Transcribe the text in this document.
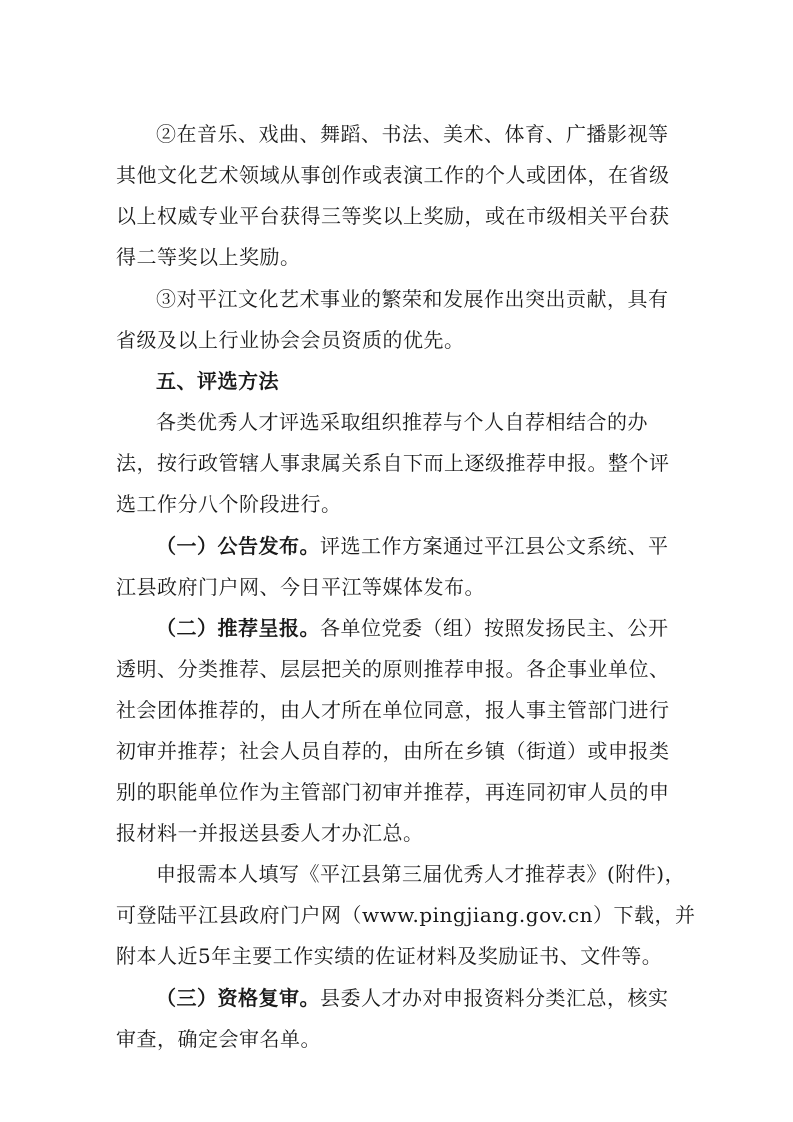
②在音乐、戏曲、舞蹈、书法、美术、体育、广播影视等
其他文化艺术领域从事创作或表演工作的个人或团体，在省级
以上权威专业平台获得三等奖以上奖励，或在市级相关平台获
得二等奖以上奖励。
③对平江文化艺术事业的繁荣和发展作出突出贡献，具有
省级及以上行业协会会员资质的优先。
五、评选方法
各类优秀人才评选采取组织推荐与个人自荐相结合的办
法，按行政管辖人事隶属关系自下而上逐级推荐申报。整个评
选工作分八个阶段进行。
（一）公告发布。评选工作方案通过平江县公文系统、平
江县政府门户网、今日平江等媒体发布。
（二）推荐呈报。各单位党委（组）按照发扬民主、公开
透明、分类推荐、层层把关的原则推荐申报。各企事业单位、
社会团体推荐的，由人才所在单位同意，报人事主管部门进行
初审并推荐；社会人员自荐的，由所在乡镇（街道）或申报类
别的职能单位作为主管部门初审并推荐，再连同初审人员的申
报材料一并报送县委人才办汇总。
申报需本人填写《平江县第三届优秀人才推荐表》(附件)，
可登陆平江县政府门户网（www.pingjiang.gov.cn）下载，并
附本人近5年主要工作实绩的佐证材料及奖励证书、文件等。
（三）资格复审。县委人才办对申报资料分类汇总，核实
审查，确定会审名单。
